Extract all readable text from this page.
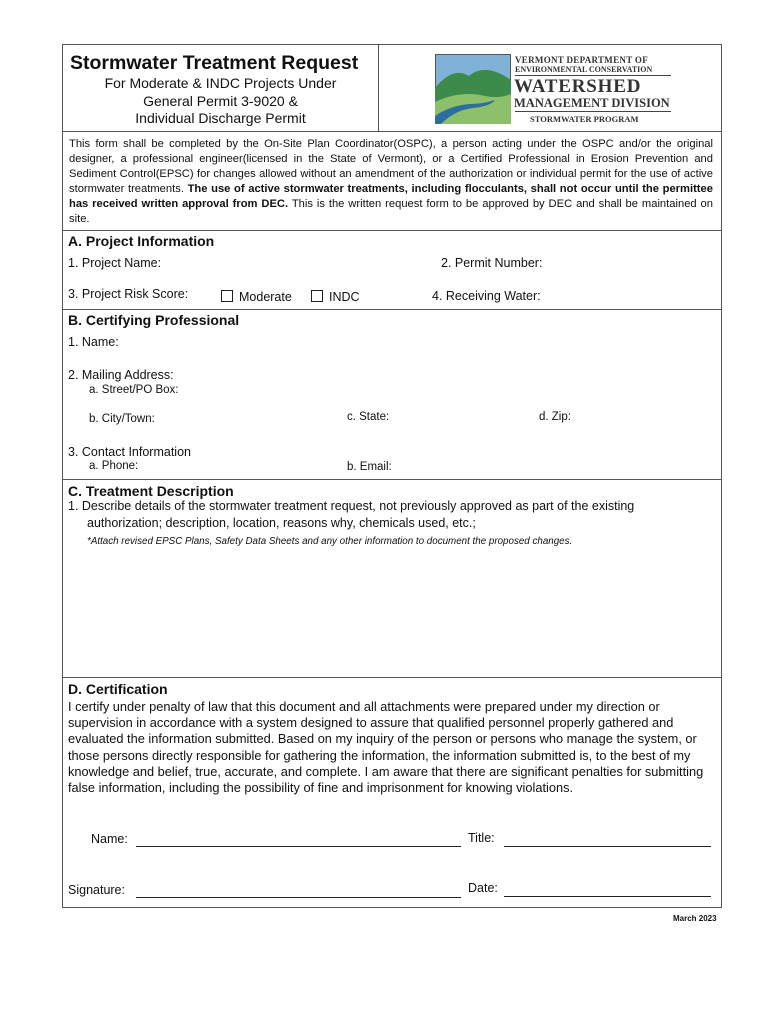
Stormwater Treatment Request
For Moderate & INDC Projects Under
General Permit 3-9020 &
Individual Discharge Permit
VERMONT DEPARTMENT OF
ENVIRONMENTAL CONSERVATION
WATERSHED
MANAGEMENT DIVISION
STORMWATER PROGRAM
This form shall be completed by the On-Site Plan Coordinator(OSPC), a person acting under the OSPC and/or the original designer, a professional engineer(licensed in the State of Vermont), or a Certified Professional in Erosion Prevention and Sediment Control(EPSC) for changes allowed without an amendment of the authorization or individual permit for the use of active stormwater treatments. The use of active stormwater treatments, including flocculants, shall not occur until the permittee has received written approval from DEC. This is the written request form to be approved by DEC and shall be maintained on site.
A. Project Information
1. Project Name:	2. Permit Number:
3. Project Risk Score:	Moderate	INDC	4. Receiving Water:
B. Certifying Professional
1. Name:
2. Mailing Address:
a. Street/PO Box:
b. City/Town:	c. State:	d. Zip:
3. Contact Information
a. Phone:	b. Email:
C. Treatment Description
1. Describe details of the stormwater treatment request, not previously approved as part of the existing
authorization; description, location, reasons why, chemicals used, etc.;
*Attach revised EPSC Plans, Safety Data Sheets and any other information to document the proposed changes.
D. Certification
I certify under penalty of law that this document and all attachments were prepared under my direction or supervision in accordance with a system designed to assure that qualified personnel properly gathered and evaluated the information submitted. Based on my inquiry of the person or persons who manage the system, or those persons directly responsible for gathering the information, the information submitted is, to the best of my knowledge and belief, true, accurate, and complete. I am aware that there are significant penalties for submitting false information, including the possibility of fine and imprisonment for knowing violations.
Name:	Title:
Signature:	Date:
March 2023
